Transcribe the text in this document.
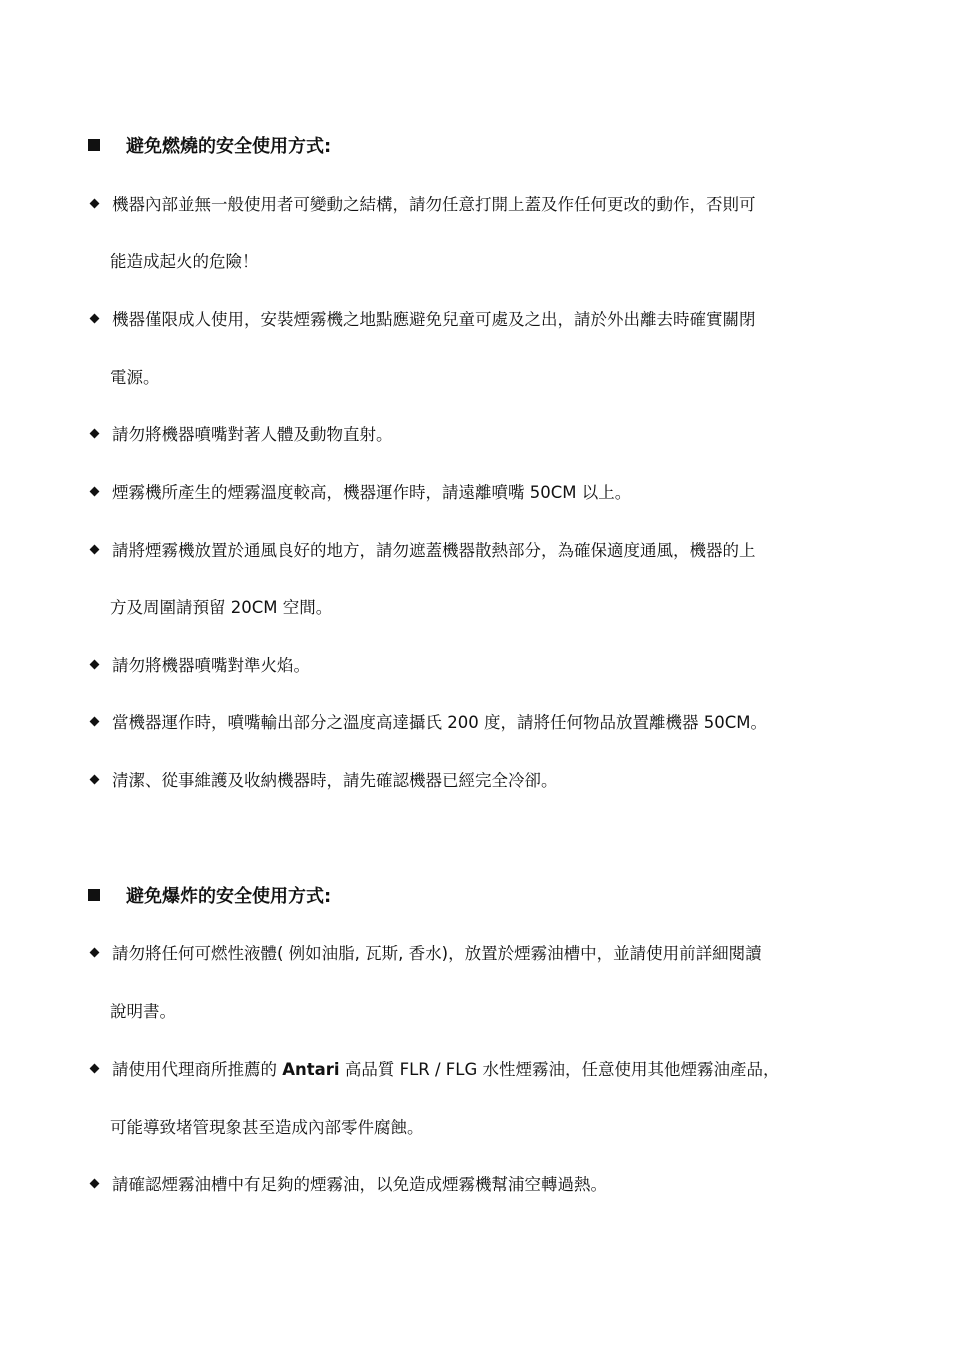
避免燃燒的安全使用方式:
機器內部並無一般使用者可變動之結構，請勿任意打開上蓋及作任何更改的動作，否則可
能造成起火的危險！
機器僅限成人使用，安裝煙霧機之地點應避免兒童可處及之出，請於外出離去時確實關閉
電源。
請勿將機器噴嘴對著人體及動物直射。
煙霧機所產生的煙霧溫度較高，機器運作時，請遠離噴嘴 50CM 以上。
請將煙霧機放置於通風良好的地方，請勿遮蓋機器散熱部分，為確保適度通風，機器的上
方及周圍請預留 20CM 空間。
請勿將機器噴嘴對準火焰。
當機器運作時，噴嘴輸出部分之溫度高達攝氏 200 度，請將任何物品放置離機器 50CM。
清潔、從事維護及收納機器時，請先確認機器已經完全冷卻。
避免爆炸的安全使用方式:
請勿將任何可燃性液體( 例如油脂, 瓦斯, 香水)，放置於煙霧油槽中，並請使用前詳細閱讀
說明書。
請使用代理商所推薦的 Antari 高品質 FLR / FLG 水性煙霧油，任意使用其他煙霧油產品，
可能導致堵管現象甚至造成內部零件腐蝕。
請確認煙霧油槽中有足夠的煙霧油，以免造成煙霧機幫浦空轉過熱。
